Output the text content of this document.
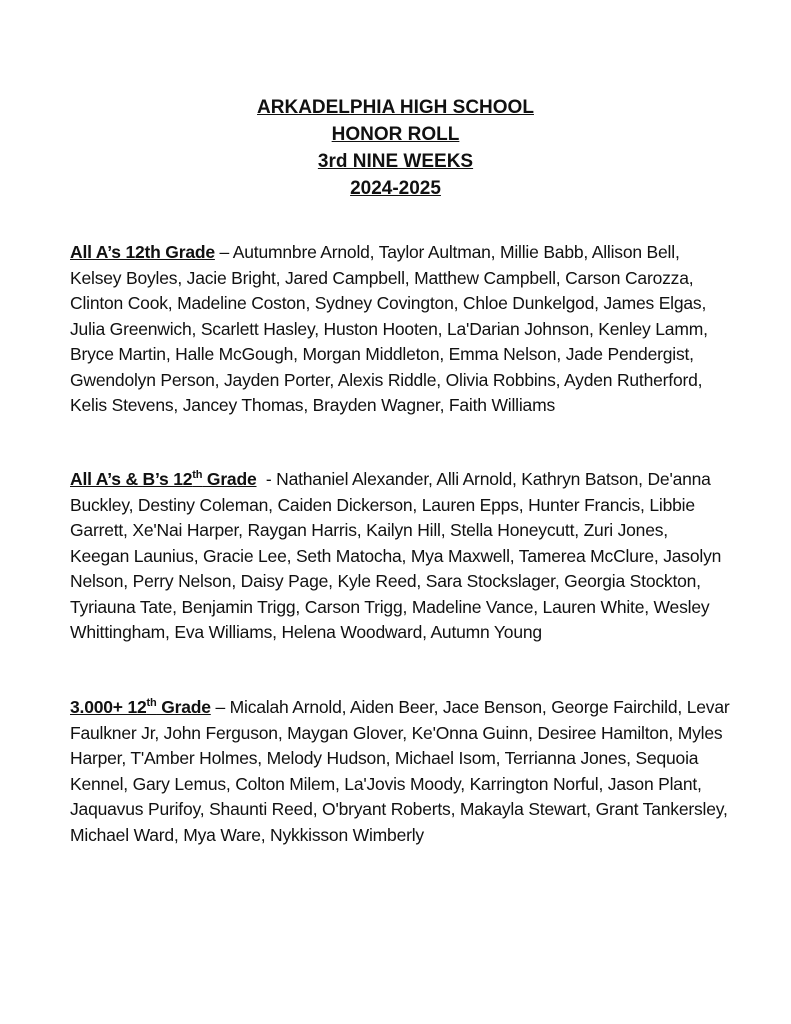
ARKADELPHIA HIGH SCHOOL
HONOR ROLL
3rd NINE WEEKS
2024-2025

All A’s 12th Grade – Autumnbre Arnold, Taylor Aultman, Millie Babb, Allison Bell, Kelsey Boyles, Jacie Bright, Jared Campbell, Matthew Campbell, Carson Carozza, Clinton Cook, Madeline Coston, Sydney Covington, Chloe Dunkelgod, James Elgas, Julia Greenwich, Scarlett Hasley, Huston Hooten, La'Darian Johnson, Kenley Lamm, Bryce Martin, Halle McGough, Morgan Middleton, Emma Nelson, Jade Pendergist, Gwendolyn Person, Jayden Porter, Alexis Riddle, Olivia Robbins, Ayden Rutherford, Kelis Stevens, Jancey Thomas, Brayden Wagner, Faith Williams

All A’s & B’s 12th Grade  - Nathaniel Alexander, Alli Arnold, Kathryn Batson, De'anna Buckley, Destiny Coleman, Caiden Dickerson, Lauren Epps, Hunter Francis, Libbie Garrett, Xe'Nai Harper, Raygan Harris, Kailyn Hill, Stella Honeycutt, Zuri Jones, Keegan Launius, Gracie Lee, Seth Matocha, Mya Maxwell, Tamerea McClure, Jasolyn Nelson, Perry Nelson, Daisy Page, Kyle Reed, Sara Stockslager, Georgia Stockton, Tyriauna Tate, Benjamin Trigg, Carson Trigg, Madeline Vance, Lauren White, Wesley Whittingham, Eva Williams, Helena Woodward, Autumn Young

3.000+ 12th Grade – Micalah Arnold, Aiden Beer, Jace Benson, George Fairchild, Levar Faulkner Jr, John Ferguson, Maygan Glover, Ke'Onna Guinn, Desiree Hamilton, Myles Harper, T'Amber Holmes, Melody Hudson, Michael Isom, Terrianna Jones, Sequoia Kennel, Gary Lemus, Colton Milem, La'Jovis Moody, Karrington Norful, Jason Plant, Jaquavus Purifoy, Shaunti Reed, O'bryant Roberts, Makayla Stewart, Grant Tankersley, Michael Ward, Mya Ware, Nykkisson Wimberly
